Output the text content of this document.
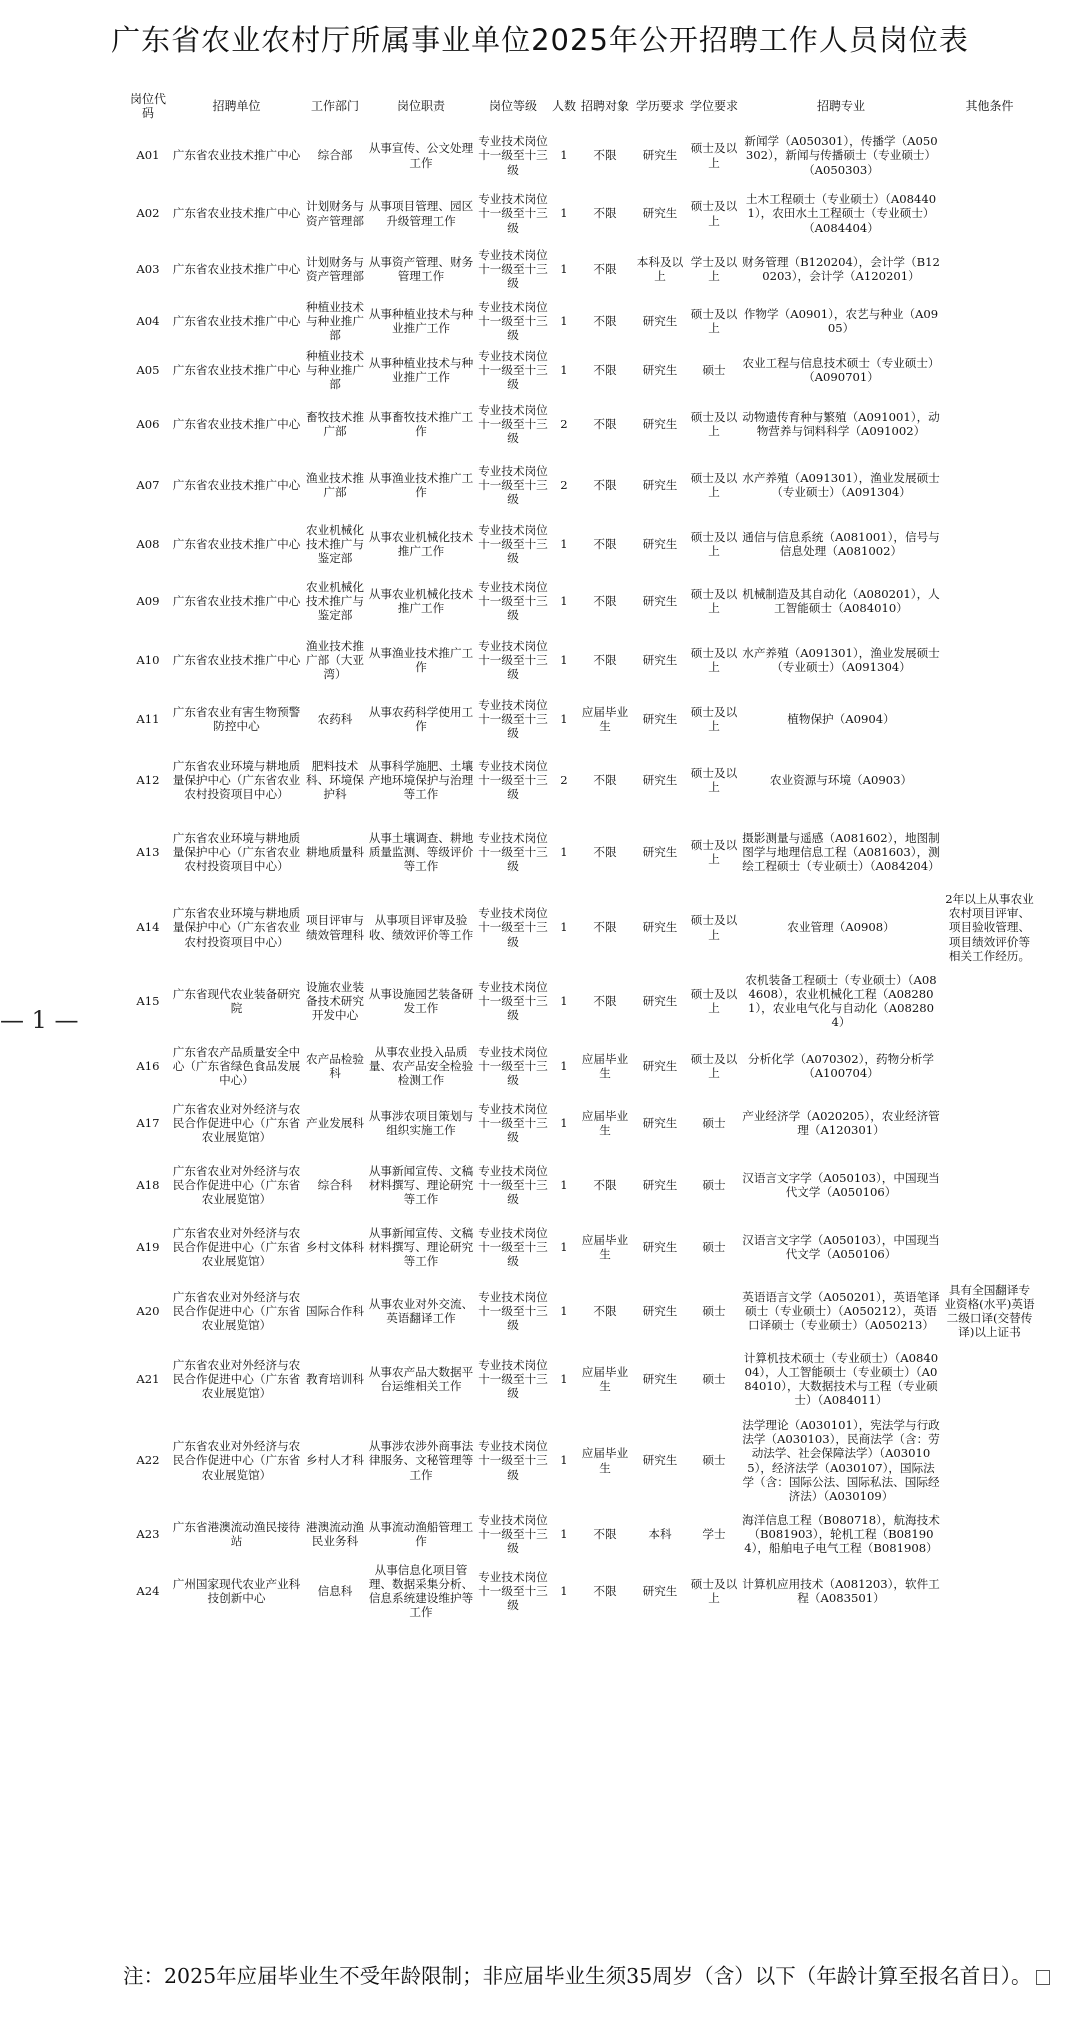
广东省农业农村厅所属事业单位2025年公开招聘工作人员岗位表
— 1 —
岗位代码	招聘单位	工作部门	岗位职责	岗位等级	人数	招聘对象	学历要求	学位要求	招聘专业	其他条件
A01	广东省农业技术推广中心	综合部	从事宣传、公文处理工作	专业技术岗位十一级至十三级	1	不限	研究生	硕士及以上	新闻学（A050301），传播学（A050302），新闻与传播硕士（专业硕士）（A050303）	
A02	广东省农业技术推广中心	计划财务与资产管理部	从事项目管理、园区升级管理工作	专业技术岗位十一级至十三级	1	不限	研究生	硕士及以上	土木工程硕士（专业硕士）（A084401），农田水土工程硕士（专业硕士）（A084404）	
A03	广东省农业技术推广中心	计划财务与资产管理部	从事资产管理、财务管理工作	专业技术岗位十一级至十三级	1	不限	本科及以上	学士及以上	财务管理（B120204），会计学（B120203），会计学（A120201）	
A04	广东省农业技术推广中心	种植业技术与种业推广部	从事种植业技术与种业推广工作	专业技术岗位十一级至十三级	1	不限	研究生	硕士及以上	作物学（A0901），农艺与种业（A0905）	
A05	广东省农业技术推广中心	种植业技术与种业推广部	从事种植业技术与种业推广工作	专业技术岗位十一级至十三级	1	不限	研究生	硕士	农业工程与信息技术硕士（专业硕士）（A090701）	
A06	广东省农业技术推广中心	畜牧技术推广部	从事畜牧技术推广工作	专业技术岗位十一级至十三级	2	不限	研究生	硕士及以上	动物遗传育种与繁殖（A091001），动物营养与饲料科学（A091002）	
A07	广东省农业技术推广中心	渔业技术推广部	从事渔业技术推广工作	专业技术岗位十一级至十三级	2	不限	研究生	硕士及以上	水产养殖（A091301），渔业发展硕士（专业硕士）（A091304）	
A08	广东省农业技术推广中心	农业机械化技术推广与鉴定部	从事农业机械化技术推广工作	专业技术岗位十一级至十三级	1	不限	研究生	硕士及以上	通信与信息系统（A081001），信号与信息处理（A081002）	
A09	广东省农业技术推广中心	农业机械化技术推广与鉴定部	从事农业机械化技术推广工作	专业技术岗位十一级至十三级	1	不限	研究生	硕士及以上	机械制造及其自动化（A080201），人工智能硕士（A084010）	
A10	广东省农业技术推广中心	渔业技术推广部（大亚湾）	从事渔业技术推广工作	专业技术岗位十一级至十三级	1	不限	研究生	硕士及以上	水产养殖（A091301），渔业发展硕士（专业硕士）（A091304）	
A11	广东省农业有害生物预警防控中心	农药科	从事农药科学使用工作	专业技术岗位十一级至十三级	1	应届毕业生	研究生	硕士及以上	植物保护（A0904）	
A12	广东省农业环境与耕地质量保护中心（广东省农业农村投资项目中心）	肥料技术科、环境保护科	从事科学施肥、土壤产地环境保护与治理等工作	专业技术岗位十一级至十三级	2	不限	研究生	硕士及以上	农业资源与环境（A0903）	
A13	广东省农业环境与耕地质量保护中心（广东省农业农村投资项目中心）	耕地质量科	从事土壤调查、耕地质量监测、等级评价等工作	专业技术岗位十一级至十三级	1	不限	研究生	硕士及以上	摄影测量与遥感（A081602），地图制图学与地理信息工程（A081603），测绘工程硕士（专业硕士）（A084204）	
A14	广东省农业环境与耕地质量保护中心（广东省农业农村投资项目中心）	项目评审与绩效管理科	从事项目评审及验收、绩效评价等工作	专业技术岗位十一级至十三级	1	不限	研究生	硕士及以上	农业管理（A0908）	2年以上从事农业农村项目评审、项目验收管理、项目绩效评价等相关工作经历。
A15	广东省现代农业装备研究院	设施农业装备技术研究开发中心	从事设施园艺装备研发工作	专业技术岗位十一级至十三级	1	不限	研究生	硕士及以上	农机装备工程硕士（专业硕士）（A084608），农业机械化工程（A082801），农业电气化与自动化（A082804）	
A16	广东省农产品质量安全中心（广东省绿色食品发展中心）	农产品检验科	从事农业投入品质量、农产品安全检验检测工作	专业技术岗位十一级至十三级	1	应届毕业生	研究生	硕士及以上	分析化学（A070302），药物分析学（A100704）	
A17	广东省农业对外经济与农民合作促进中心（广东省农业展览馆）	产业发展科	从事涉农项目策划与组织实施工作	专业技术岗位十一级至十三级	1	应届毕业生	研究生	硕士	产业经济学（A020205），农业经济管理（A120301）	
A18	广东省农业对外经济与农民合作促进中心（广东省农业展览馆）	综合科	从事新闻宣传、文稿材料撰写、理论研究等工作	专业技术岗位十一级至十三级	1	不限	研究生	硕士	汉语言文字学（A050103），中国现当代文学（A050106）	
A19	广东省农业对外经济与农民合作促进中心（广东省农业展览馆）	乡村文体科	从事新闻宣传、文稿材料撰写、理论研究等工作	专业技术岗位十一级至十三级	1	应届毕业生	研究生	硕士	汉语言文字学（A050103），中国现当代文学（A050106）	
A20	广东省农业对外经济与农民合作促进中心（广东省农业展览馆）	国际合作科	从事农业对外交流、英语翻译工作	专业技术岗位十一级至十三级	1	不限	研究生	硕士	英语语言文学（A050201），英语笔译硕士（专业硕士）（A050212），英语口译硕士（专业硕士）（A050213）	具有全国翻译专业资格(水平)英语二级口译(交替传译)以上证书
A21	广东省农业对外经济与农民合作促进中心（广东省农业展览馆）	教育培训科	从事农产品大数据平台运维相关工作	专业技术岗位十一级至十三级	1	应届毕业生	研究生	硕士	计算机技术硕士（专业硕士）（A084004），人工智能硕士（专业硕士）（A084010），大数据技术与工程（专业硕士）（A084011）	
A22	广东省农业对外经济与农民合作促进中心（广东省农业展览馆）	乡村人才科	从事涉农涉外商事法律服务、文秘管理等工作	专业技术岗位十一级至十三级	1	应届毕业生	研究生	硕士	法学理论（A030101），宪法学与行政法学（A030103），民商法学（含：劳动法学、社会保障法学）（A030105），经济法学（A030107），国际法学（含：国际公法、国际私法、国际经济法）（A030109）	
A23	广东省港澳流动渔民接待站	港澳流动渔民业务科	从事流动渔船管理工作	专业技术岗位十一级至十三级	1	不限	本科	学士	海洋信息工程（B080718），航海技术（B081903），轮机工程（B081904），船舶电子电气工程（B081908）	
A24	广州国家现代农业产业科技创新中心	信息科	从事信息化项目管理、数据采集分析、信息系统建设维护等工作	专业技术岗位十一级至十三级	1	不限	研究生	硕士及以上	计算机应用技术（A081203），软件工程（A083501）	
注：2025年应届毕业生不受年龄限制；非应届毕业生须35周岁（含）以下（年龄计算至报名首日）。
